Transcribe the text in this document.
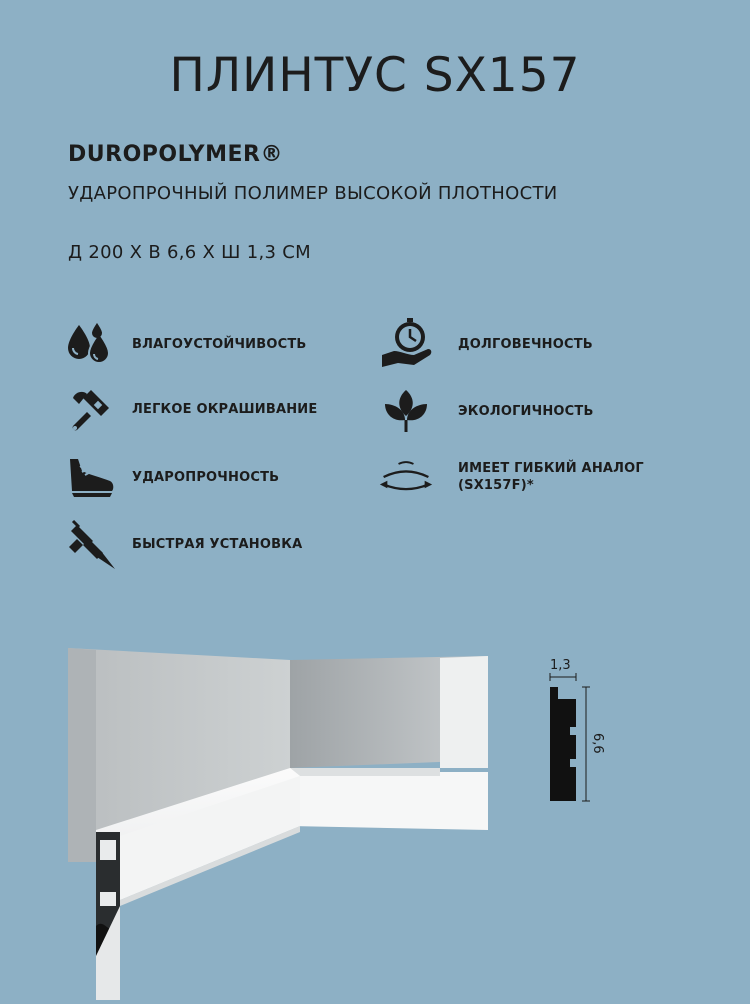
ПЛИНТУС SX157
DUROPOLYMER®
УДАРОПРОЧНЫЙ ПОЛИМЕР ВЫСОКОЙ ПЛОТНОСТИ
Д 200 Х В 6,6 Х Ш 1,3 СМ
ВЛАГОУСТОЙЧИВОСТЬ
ЛЕГКОЕ ОКРАШИВАНИЕ
УДАРОПРОЧНОСТЬ
БЫСТРАЯ УСТАНОВКА
ДОЛГОВЕЧНОСТЬ
ЭКОЛОГИЧНОСТЬ
ИМЕЕТ ГИБКИЙ АНАЛОГ
(SX157F)*
1,3
6,6
